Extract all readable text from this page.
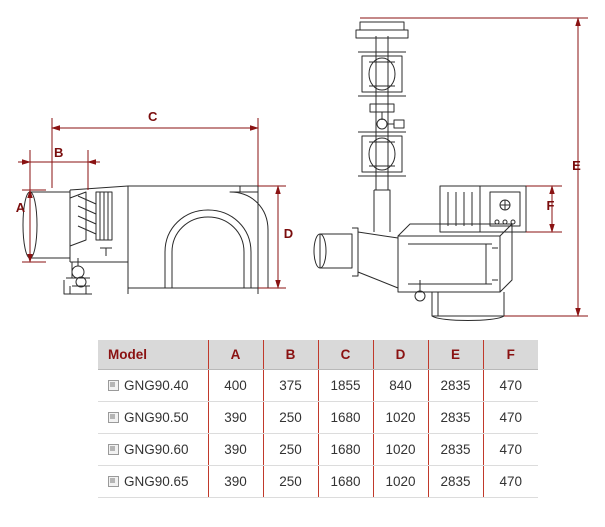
A
B
C
D
E
F
Model	A	B	C	D	E	F
GNG90.40	400	375	1855	840	2835	470
GNG90.50	390	250	1680	1020	2835	470
GNG90.60	390	250	1680	1020	2835	470
GNG90.65	390	250	1680	1020	2835	470
